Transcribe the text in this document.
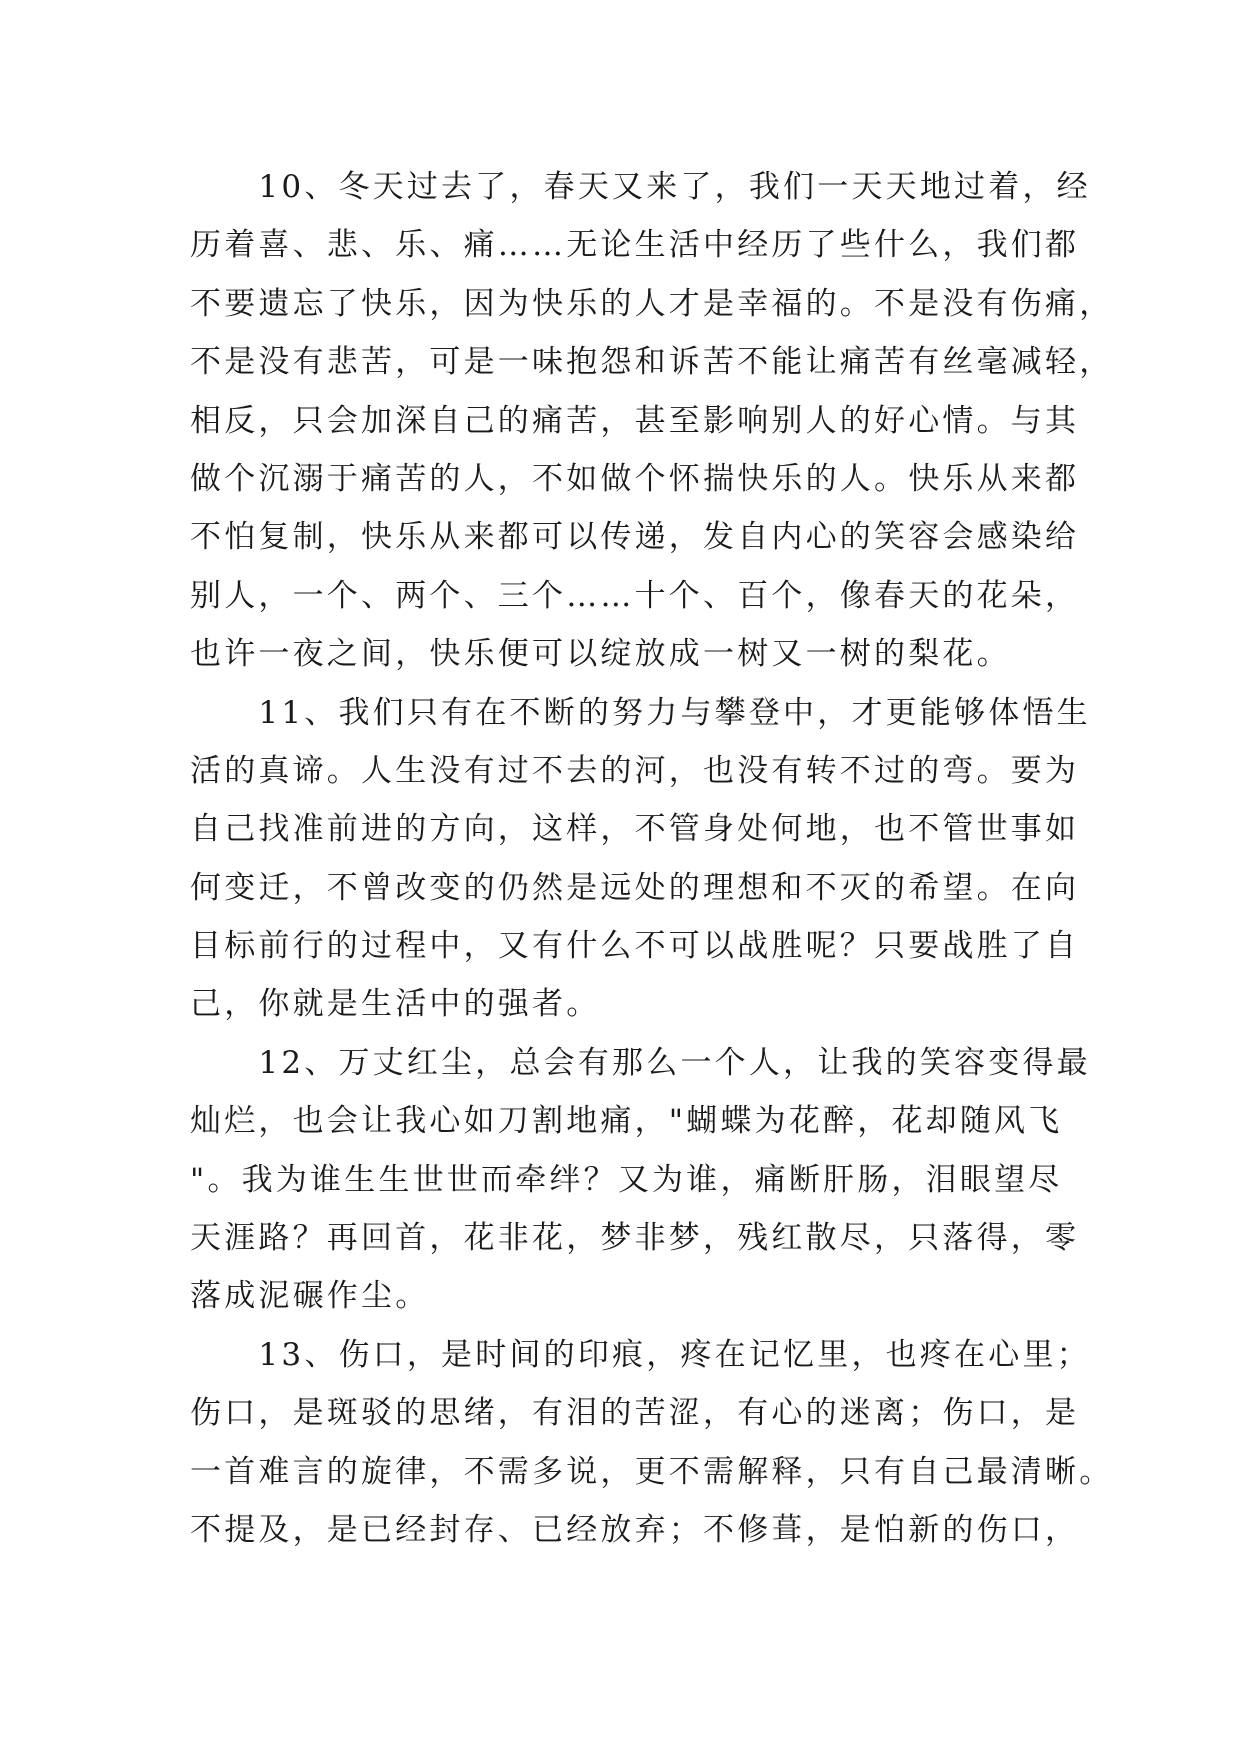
　　10、冬天过去了，春天又来了，我们一天天地过着，经
历着喜、悲、乐、痛……无论生活中经历了些什么，我们都
不要遗忘了快乐，因为快乐的人才是幸福的。不是没有伤痛，
不是没有悲苦，可是一味抱怨和诉苦不能让痛苦有丝毫减轻，
相反，只会加深自己的痛苦，甚至影响别人的好心情。与其
做个沉溺于痛苦的人，不如做个怀揣快乐的人。快乐从来都
不怕复制，快乐从来都可以传递，发自内心的笑容会感染给
别人，一个、两个、三个……十个、百个，像春天的花朵，
也许一夜之间，快乐便可以绽放成一树又一树的梨花。
　　11、我们只有在不断的努力与攀登中，才更能够体悟生
活的真谛。人生没有过不去的河，也没有转不过的弯。要为
自己找准前进的方向，这样，不管身处何地，也不管世事如
何变迁，不曾改变的仍然是远处的理想和不灭的希望。在向
目标前行的过程中，又有什么不可以战胜呢？只要战胜了自
己，你就是生活中的强者。
　　12、万丈红尘，总会有那么一个人，让我的笑容变得最
灿烂，也会让我心如刀割地痛，"蝴蝶为花醉，花却随风飞
"。我为谁生生世世而牵绊？又为谁，痛断肝肠，泪眼望尽
天涯路？再回首，花非花，梦非梦，残红散尽，只落得，零
落成泥碾作尘。
　　13、伤口，是时间的印痕，疼在记忆里，也疼在心里；
伤口，是斑驳的思绪，有泪的苦涩，有心的迷离；伤口，是
一首难言的旋律，不需多说，更不需解释，只有自己最清晰。
不提及，是已经封存、已经放弃；不修葺，是怕新的伤口，
